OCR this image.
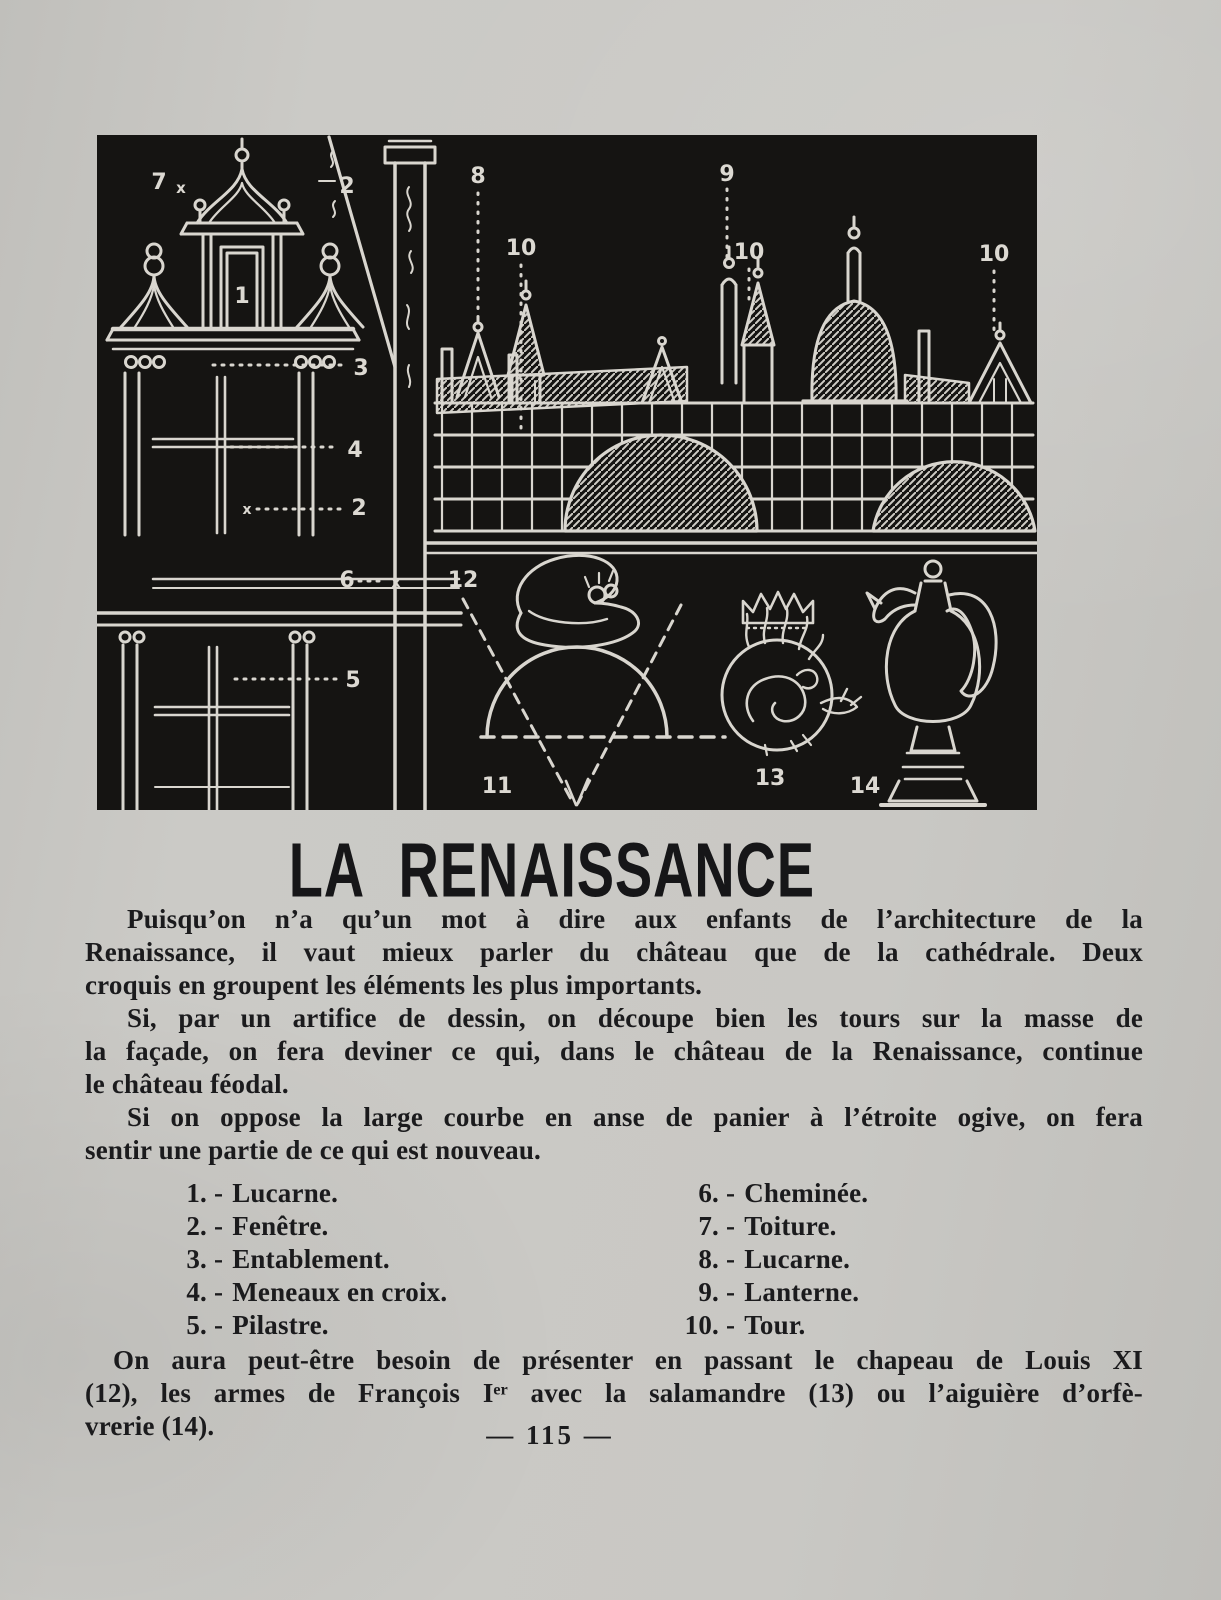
7 x	2
1
3
4
2
x
6	x
5
8	9
10	10	10
12
11	13	14
LA RENAISSANCE
Puisqu’on n’a qu’un mot à dire aux enfants de l’architecture de la
Renaissance, il vaut mieux parler du château que de la cathédrale. Deux
croquis en groupent les éléments les plus importants.
Si, par un artifice de dessin, on découpe bien les tours sur la masse de
la façade, on fera deviner ce qui, dans le château de la Renaissance, continue
le château féodal.
Si on oppose la large courbe en anse de panier à l’étroite ogive, on fera
sentir une partie de ce qui est nouveau.
1. - Lucarne.
2. - Fenêtre.
3. - Entablement.
4. - Meneaux en croix.
5. - Pilastre.
6. - Cheminée.
7. - Toiture.
8. - Lucarne.
9. - Lanterne.
10. - Tour.
On aura peut-être besoin de présenter en passant le chapeau de Louis XI
(12), les armes de François Iᵉʳ avec la salamandre (13) ou l’aiguière d’orfè-
vrerie (14).	— 115 —
